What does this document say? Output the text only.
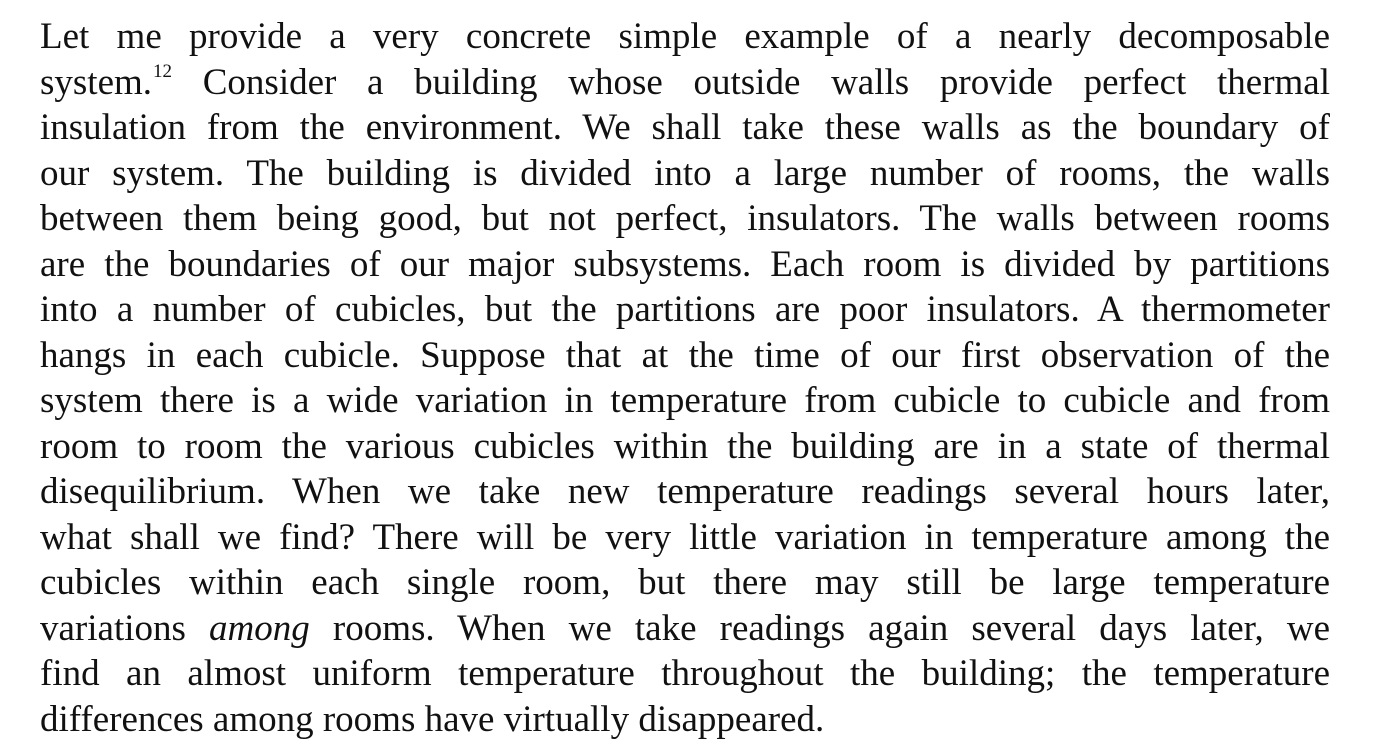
Let me provide a very concrete simple example of a nearly decomposable
system.$^{12}$ Consider a building whose outside walls provide perfect thermal
insulation from the environment. We shall take these walls as the boundary of
our system. The building is divided into a large number of rooms, the walls
between them being good, but not perfect, insulators. The walls between rooms
are the boundaries of our major subsystems. Each room is divided by partitions
into a number of cubicles, but the partitions are poor insulators. A thermometer
hangs in each cubicle. Suppose that at the time of our first observation of the
system there is a wide variation in temperature from cubicle to cubicle and from
room to room the various cubicles within the building are in a state of thermal
disequilibrium. When we take new temperature readings several hours later,
what shall we find? There will be very little variation in temperature among the
cubicles within each single room, but there may still be large temperature
variations among rooms. When we take readings again several days later, we
find an almost uniform temperature throughout the building; the temperature
differences among rooms have virtually disappeared.
